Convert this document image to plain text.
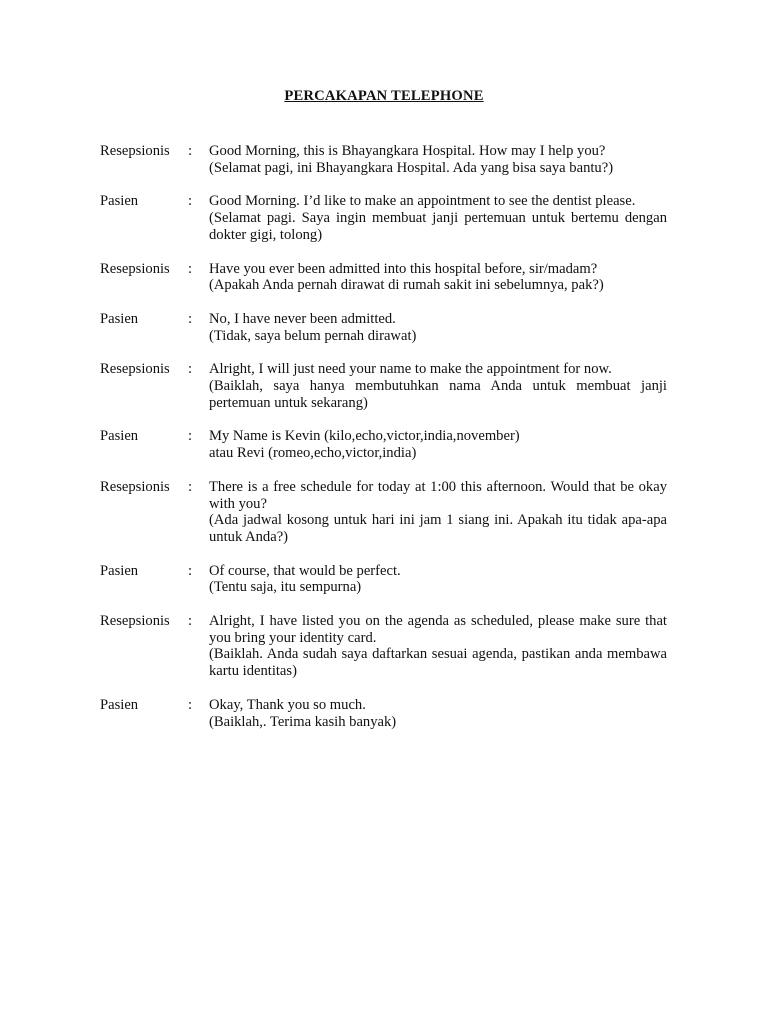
PERCAKAPAN TELEPHONE
Resepsionis	:	Good Morning, this is Bhayangkara Hospital. How may I help you?
(Selamat pagi, ini Bhayangkara Hospital. Ada yang bisa saya bantu?)
Pasien	:	Good Morning. I’d like to make an appointment to see the dentist please.
(Selamat pagi. Saya ingin membuat janji pertemuan untuk bertemu dengan dokter gigi, tolong)
Resepsionis	:	Have you ever been admitted into this hospital before, sir/madam?
(Apakah Anda pernah dirawat di rumah sakit ini sebelumnya, pak?)
Pasien	:	No, I have never been admitted.
(Tidak, saya belum pernah dirawat)
Resepsionis	:	Alright, I will just need your name to make the appointment for now.
(Baiklah, saya hanya membutuhkan nama Anda untuk membuat janji pertemuan untuk sekarang)
Pasien	:	My Name is Kevin (kilo,echo,victor,india,november)
atau Revi (romeo,echo,victor,india)
Resepsionis	:	There is a free schedule for today at 1:00 this afternoon. Would that be okay with you?
(Ada jadwal kosong untuk hari ini jam 1 siang ini. Apakah itu tidak apa-apa untuk Anda?)
Pasien	:	Of course, that would be perfect.
(Tentu saja, itu sempurna)
Resepsionis	:	Alright, I have listed you on the agenda as scheduled, please make sure that you bring your identity card.
(Baiklah. Anda sudah saya daftarkan sesuai agenda, pastikan anda membawa kartu identitas)
Pasien	:	Okay, Thank you so much.
(Baiklah,. Terima kasih banyak)
